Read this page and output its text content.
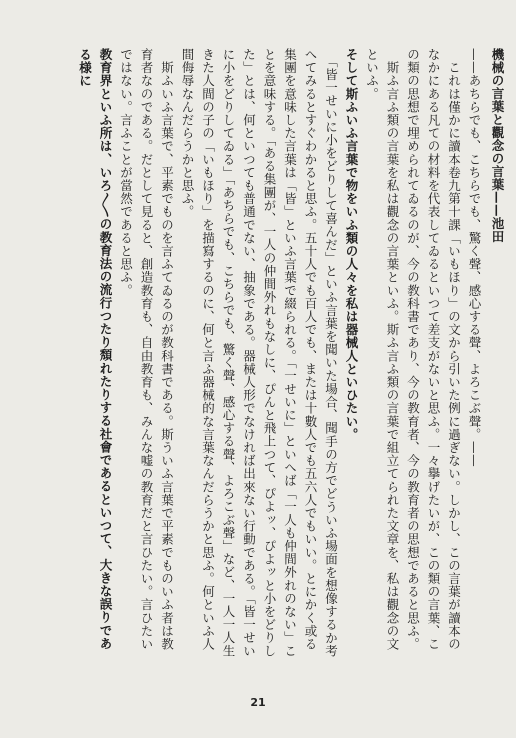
機械の言葉と觀念の言葉——池田

——あちらでも、こちらでも、驚く聲、感心する聲、よろこぶ聲。——

これは僅かに讀本卷九第十課「いもほり」の文から引いた例に過ぎない。しかし、この言葉が讀本のなかにある凡ての材料を代表してゐるといつて差支がないと思ふ。一々擧げたいが、この類の言葉、この類の思想で埋められてゐるのが、今の教科書であり、今の教育者、今の教育者の思想であると思ふ。

斯ふ言ふ類の言葉を私は觀念の言葉といふ。斯ふ言ふ類の言葉で組立てられた文章を、私は觀念の文といふ。

そして斯ふいふ言葉で物をいふ類の人々を私は器械人といひたい。

「皆一せいに小をどりして喜んだ」といふ言葉を聞いた場合、聞手の方でどういふ場面を想像するか考へてみるとすぐわかると思ふ。五十人でも百人でも、または十數人でも五六人でもいい。とにかく或る集團を意味した言葉は「皆」といふ言葉で綴られる。「一せいに」といへば「一人も仲間外れのない」ことを意味する。「ある集團が、一人の仲間外れもなしに、ぴんと飛上つて、ぴよッ、ぴよッと小をどりした」とは、何といつても普通でない、抽象である。器械人形でなければ出來ない行動である。「皆一せいに小をどりしてゐる」「あちらでも、こちらでも、驚く聲、感心する聲、よろこぶ聲」など、一人一人生きた人間の子の「いもほり」を描寫するのに、何と言ふ器械的な言葉なんだらうかと思ふ。何といふ人間侮辱なんだらうかと思ふ。

斯ふいふ言葉で、平素でものを言ふてゐるのが教科書である。斯ういふ言葉で平素でものいふ者は教育者なのである。だとして見ると、創造教育も、自由教育も、みんな嘘の教育だと言ひたい。言ひたいではない。言ふことが當然であると思ふ。

教育界といふ所は、いろ〳〵の教育法の流行つたり頽れたりする社會であるといつて、大きな誤りである様に

21
